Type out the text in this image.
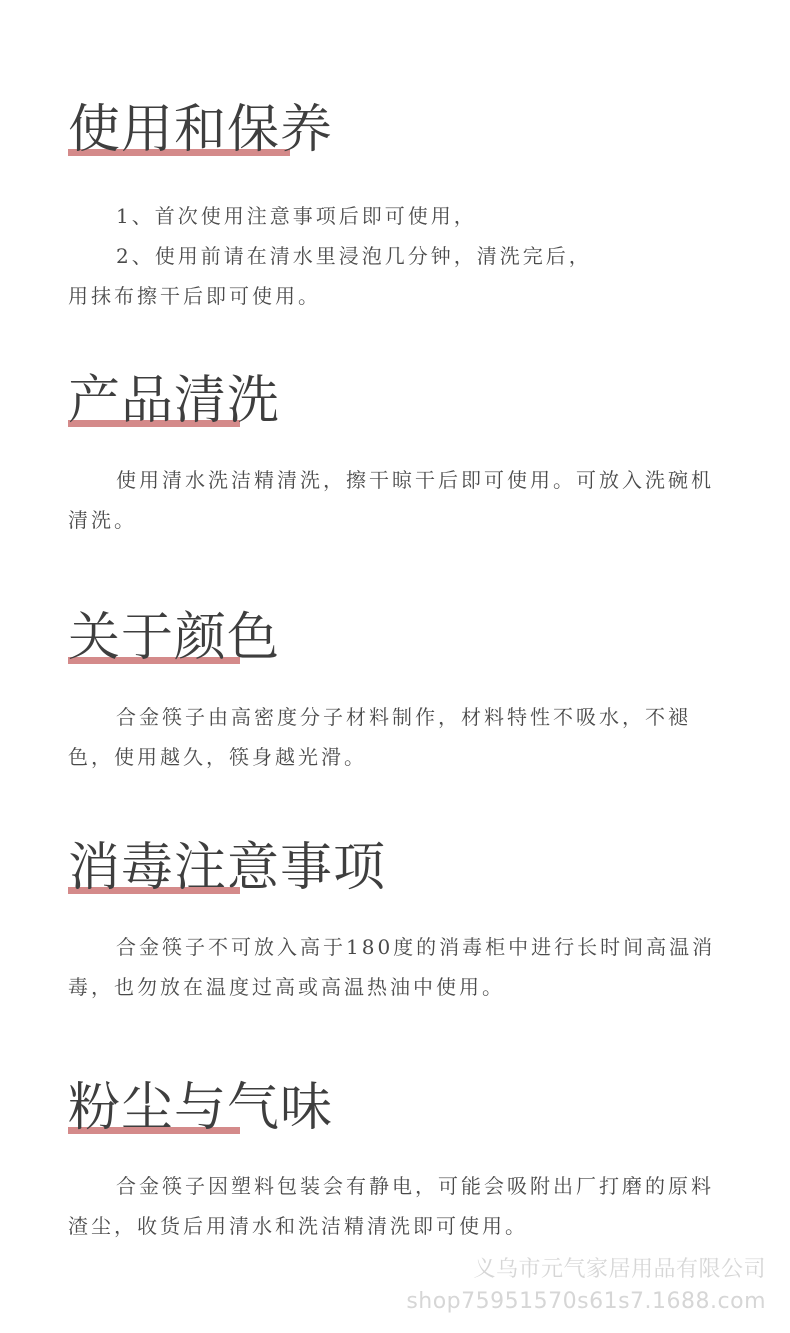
使用和保养

1、首次使用注意事项后即可使用，

2、使用前请在清水里浸泡几分钟，清洗完后，

用抹布擦干后即可使用。

产品清洗

使用清水洗洁精清洗，擦干晾干后即可使用。可放入洗碗机清洗。

关于颜色

合金筷子由高密度分子材料制作，材料特性不吸水，不褪色，使用越久，筷身越光滑。

消毒注意事项

合金筷子不可放入高于180度的消毒柜中进行长时间高温消毒，也勿放在温度过高或高温热油中使用。

粉尘与气味

合金筷子因塑料包装会有静电，可能会吸附出厂打磨的原料渣尘，收货后用清水和洗洁精清洗即可使用。

义乌市元气家居用品有限公司
shop75951570s61s7.1688.com
